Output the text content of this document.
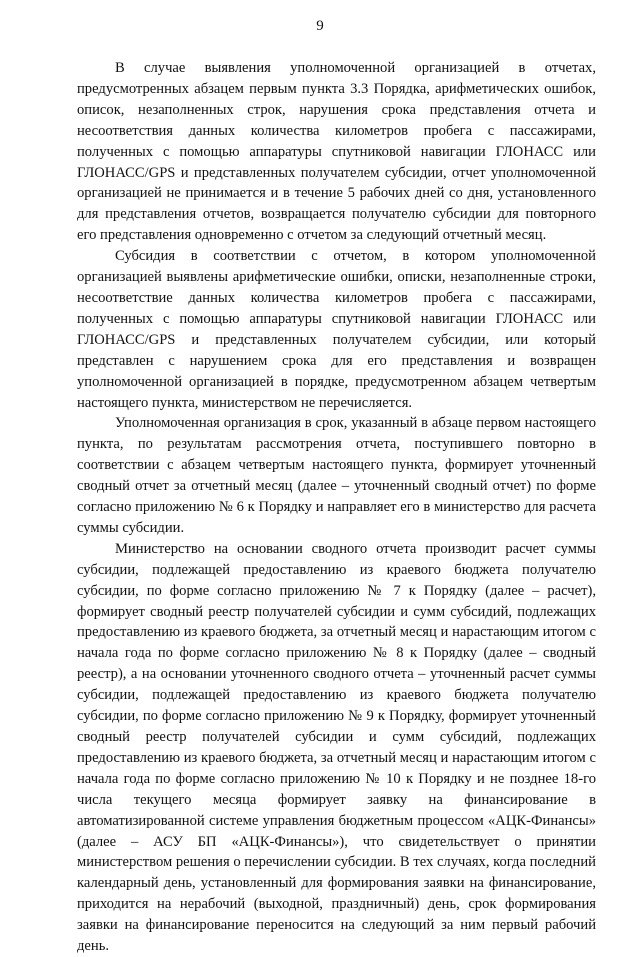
9

В случае выявления уполномоченной организацией в отчетах, предусмотренных абзацем первым пункта 3.3 Порядка, арифметических ошибок, описок, незаполненных строк, нарушения срока представления отчета и несоответствия данных количества километров пробега с пассажирами, полученных с помощью аппаратуры спутниковой навигации ГЛОНАСС или ГЛОНАСС/GPS и представленных получателем субсидии, отчет уполномоченной организацией не принимается и в течение 5 рабочих дней со дня, установленного для представления отчетов, возвращается получателю субсидии для повторного его представления одновременно с отчетом за следующий отчетный месяц.

Субсидия в соответствии с отчетом, в котором уполномоченной организацией выявлены арифметические ошибки, описки, незаполненные строки, несоответствие данных количества километров пробега с пассажирами, полученных с помощью аппаратуры спутниковой навигации ГЛОНАСС или ГЛОНАСС/GPS и представленных получателем субсидии, или который представлен с нарушением срока для его представления и возвращен уполномоченной организацией в порядке, предусмотренном абзацем четвертым настоящего пункта, министерством не перечисляется.

Уполномоченная организация в срок, указанный в абзаце первом настоящего пункта, по результатам рассмотрения отчета, поступившего повторно в соответствии с абзацем четвертым настоящего пункта, формирует уточненный сводный отчет за отчетный месяц (далее – уточненный сводный отчет) по форме согласно приложению № 6 к Порядку и направляет его в министерство для расчета суммы субсидии.

Министерство на основании сводного отчета производит расчет суммы субсидии, подлежащей предоставлению из краевого бюджета получателю субсидии, по форме согласно приложению № 7 к Порядку (далее – расчет), формирует сводный реестр получателей субсидии и сумм субсидий, подлежащих предоставлению из краевого бюджета, за отчетный месяц и нарастающим итогом с начала года по форме согласно приложению № 8 к Порядку (далее – сводный реестр), а на основании уточненного сводного отчета – уточненный расчет суммы субсидии, подлежащей предоставлению из краевого бюджета получателю субсидии, по форме согласно приложению № 9 к Порядку, формирует уточненный сводный реестр получателей субсидии и сумм субсидий, подлежащих предоставлению из краевого бюджета, за отчетный месяц и нарастающим итогом с начала года по форме согласно приложению № 10 к Порядку и не позднее 18-го числа текущего месяца формирует заявку на финансирование в автоматизированной системе управления бюджетным процессом «АЦК-Финансы» (далее – АСУ БП «АЦК-Финансы»), что свидетельствует о принятии министерством решения о перечислении субсидии. В тех случаях, когда последний календарный день, установленный для формирования заявки на финансирование, приходится на нерабочий (выходной, праздничный) день, срок формирования заявки на финансирование переносится на следующий за ним первый рабочий день.
